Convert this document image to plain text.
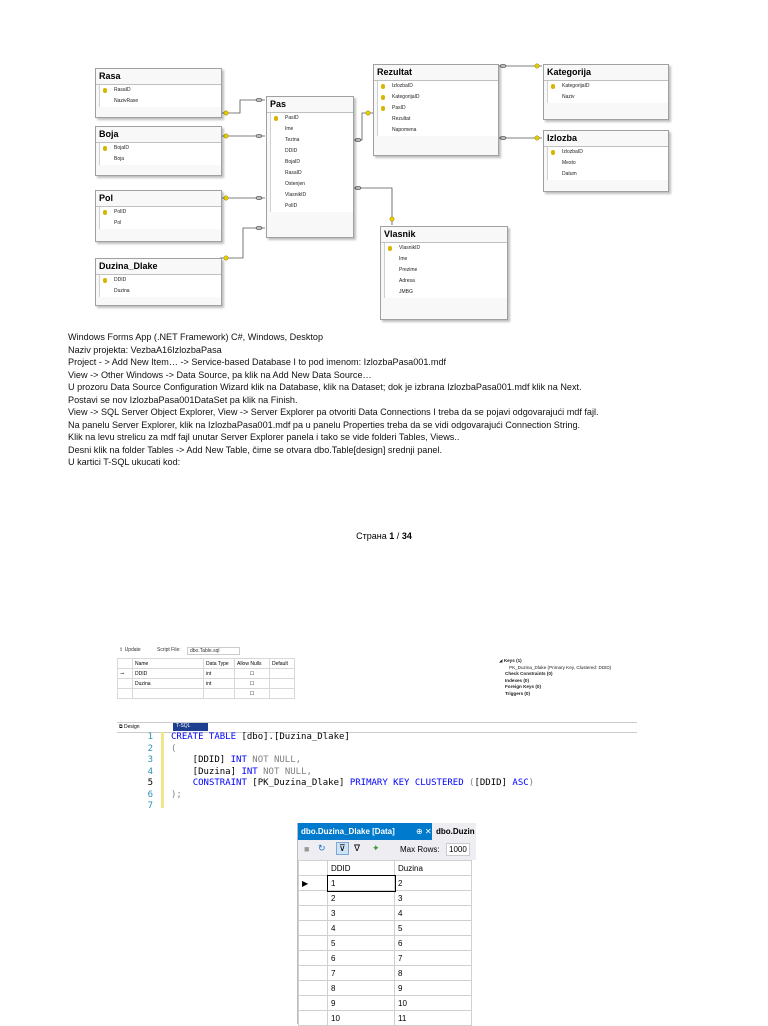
Rasa
RasaID
NazivRase
Boja
BojaID
Boja
Pol
PolID
Pol
Duzina_Dlake
DDID
Duzina
Pas
PasID
Ime
Tezina
DDID
BojaID
RasaID
Ostenjen
VlasnikID
PolID
Rezultat
IzlozbaID
KategorijaID
PasID
Rezultat
Napomena
Kategorija
KategorijaID
Naziv
Izlozba
IzlozbaID
Mesto
Datum
Vlasnik
VlasnikID
Ime
Prezime
Adresa
JMBG
Windows Forms App (.NET Framework) C#, Windows, Desktop
Naziv projekta: VezbaA16IzlozbaPasa
Project - > Add New Item… -> Service-based Database I to pod imenom: IzlozbaPasa001.mdf
View -> Other Windows -> Data Source, pa klik na Add New Data Source…
U prozoru Data Source Configuration Wizard klik na Database, klik na Dataset; dok je izbrana IzlozbaPasa001.mdf klik na Next.
Postavi se nov IzlozbaPasa001DataSet pa klik na Finish.
View -> SQL Server Object Explorer, View -> Server Explorer pa otvoriti Data Connections I treba da se pojavi odgovarajući mdf fajl.
Na panelu Server Explorer, klik na IzlozbaPasa001.mdf pa u panelu Properties treba da se vidi odgovarajući Connection String.
Klik na levu strelicu za mdf fajl unutar Server Explorer panela i tako se vide folderi Tables, Views..
Desni klik na folder Tables -> Add New Table, čime se otvara dbo.Table[design] srednji panel.
U kartici T-SQL ukucati kod:
Страна 1 / 34
⇪ Update	Script File:	dbo.Table.sql
	Name	Data Type	Allow Nulls	Default
⊸	DDID	int	☐	
	Duzina	int	☐	
			☐	
◢ Keys (1)
PK_Duzina_Dlake (Primary Key, Clustered: DDID)
Check Constraints (0)
Indexes (0)
Foreign Keys (0)
Triggers (0)
⧉ Design	T-SQL
1
2
3
4
5
6
7
CREATE TABLE [dbo].[Duzina_Dlake]
(
[DDID] INT NOT NULL,
[Duzina] INT NOT NULL,
CONSTRAINT [PK_Duzina_Dlake] PRIMARY KEY CLUSTERED ([DDID] ASC)
);
dbo.Duzina_Dlake [Data]	⊕ ✕ dbo.Duzin
■ ↻	⊽ ∇ ✦	Max Rows:	1000
	DDID	Duzina
▶	1	2
	2	3
	3	4
	4	5
	5	6
	6	7
	7	8
	8	9
	9	10
	10	11
